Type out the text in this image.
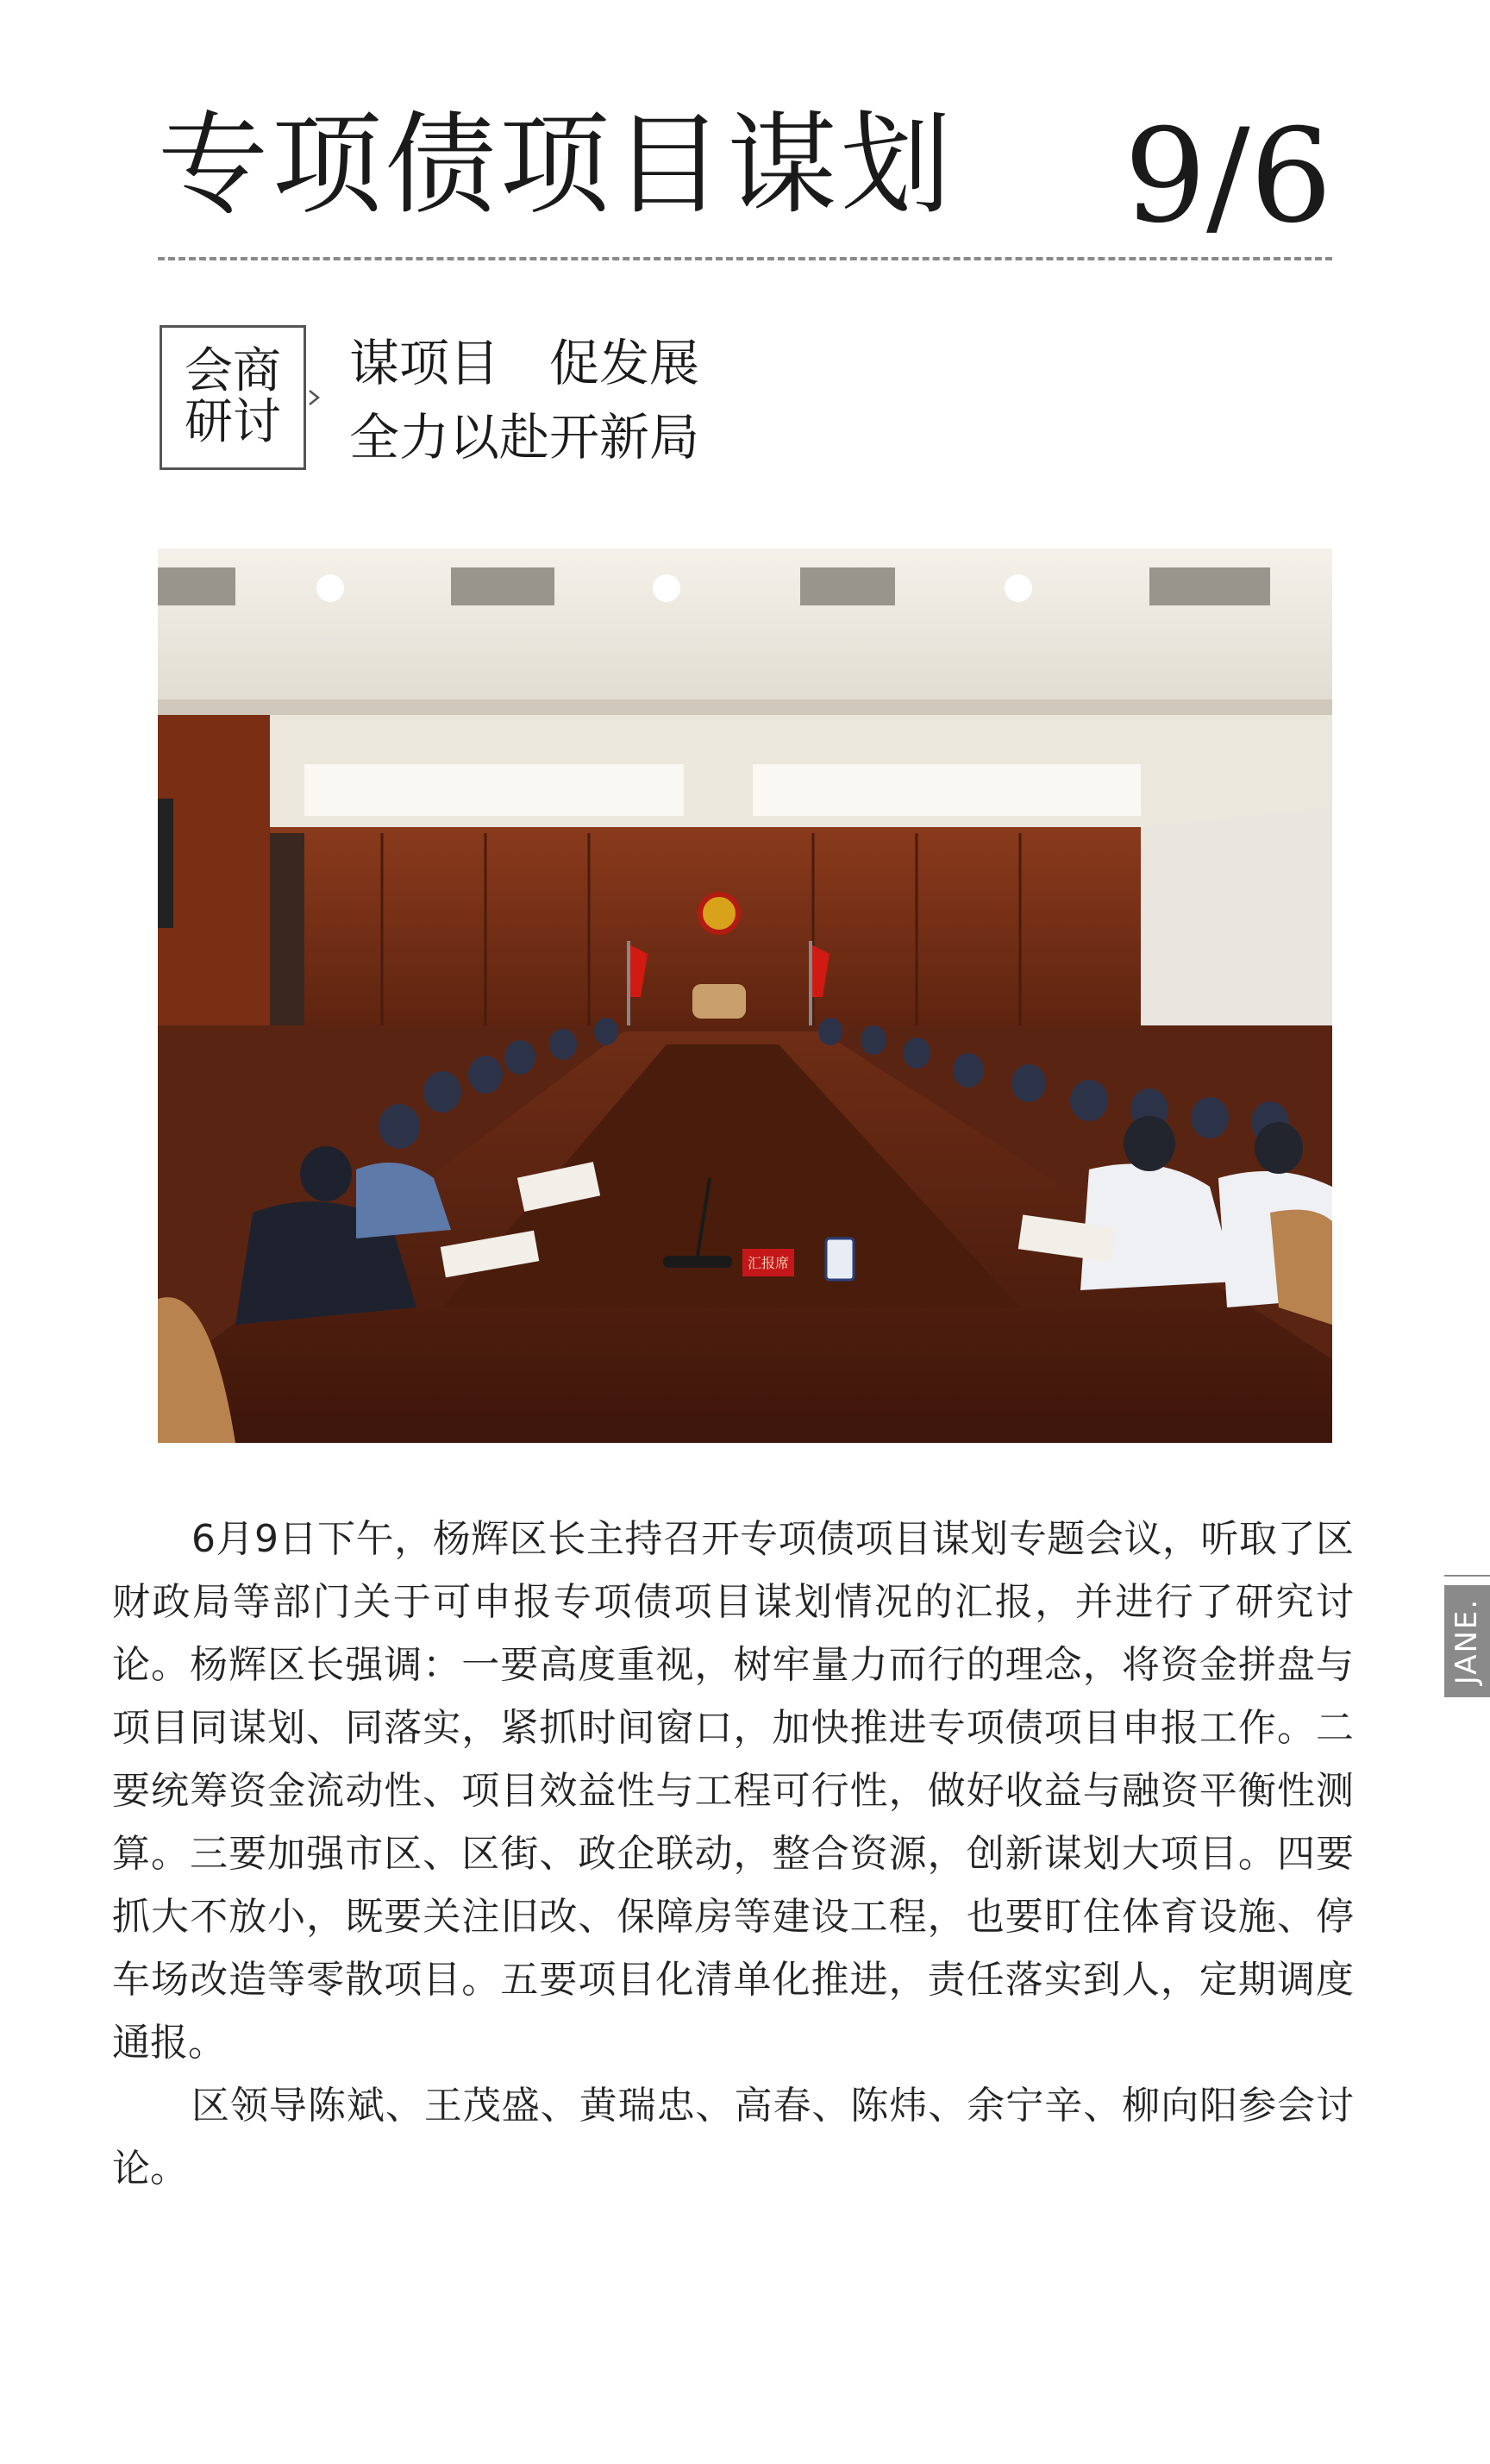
专项债项目谋划 9/6
会商
研讨
谋项目　促发展
全力以赴开新局
汇报席

6月9日下午，杨辉区长主持召开专项债项目谋划专题会议，听取了区财政局等部门关于可申报专项债项目谋划情况的汇报，并进行了研究讨论。杨辉区长强调：一要高度重视，树牢量力而行的理念，将资金拼盘与项目同谋划、同落实，紧抓时间窗口，加快推进专项债项目申报工作。二要统筹资金流动性、项目效益性与工程可行性，做好收益与融资平衡性测算。三要加强市区、区街、政企联动，整合资源，创新谋划大项目。四要抓大不放小，既要关注旧改、保障房等建设工程，也要盯住体育设施、停车场改造等零散项目。五要项目化清单化推进，责任落实到人，定期调度通报。

区领导陈斌、王茂盛、黄瑞忠、高春、陈炜、余宁辛、柳向阳参会讨论。

JANE.
